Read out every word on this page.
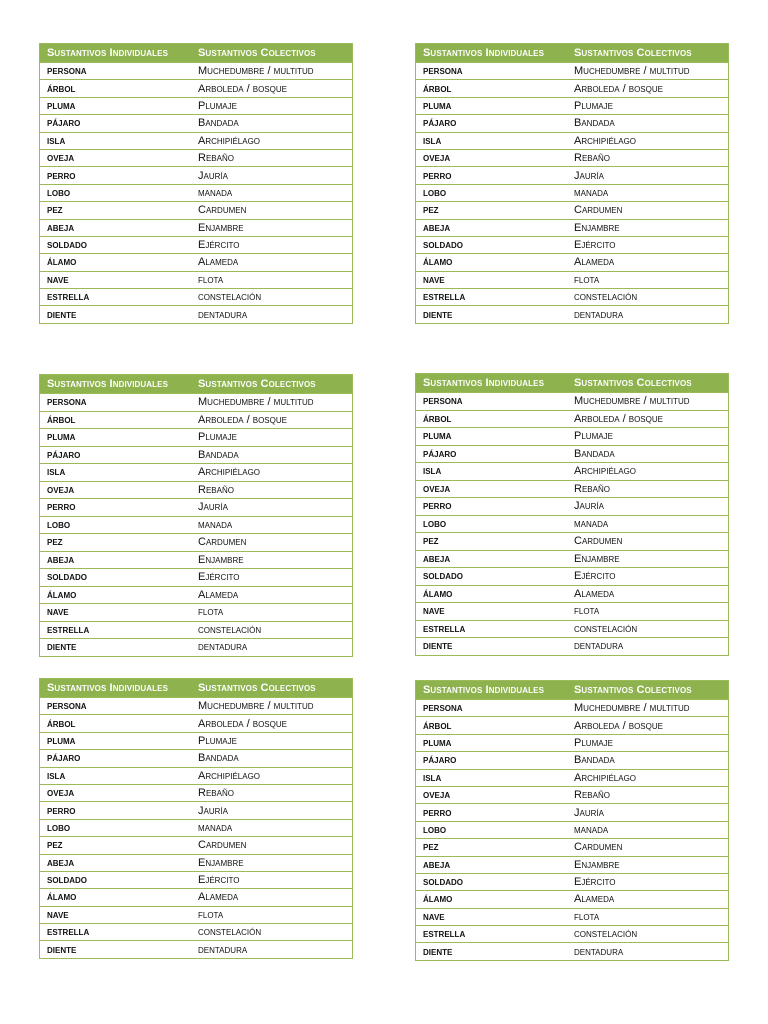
Sustantivos Individuales	Sustantivos Colectivos
persona	Muchedumbre / multitud
árbol	Arboleda / bosque
pluma	Plumaje
pájaro	Bandada
isla	Archipiélago
oveja	Rebaño
perro	Jauría
lobo	manada
pez	Cardumen
abeja	Enjambre
soldado	Ejército
álamo	Alameda
nave	flota
estrella	constelación
diente	dentadura
Sustantivos Individuales	Sustantivos Colectivos
persona	Muchedumbre / multitud
árbol	Arboleda / bosque
pluma	Plumaje
pájaro	Bandada
isla	Archipiélago
oveja	Rebaño
perro	Jauría
lobo	manada
pez	Cardumen
abeja	Enjambre
soldado	Ejército
álamo	Alameda
nave	flota
estrella	constelación
diente	dentadura
Sustantivos Individuales	Sustantivos Colectivos
persona	Muchedumbre / multitud
árbol	Arboleda / bosque
pluma	Plumaje
pájaro	Bandada
isla	Archipiélago
oveja	Rebaño
perro	Jauría
lobo	manada
pez	Cardumen
abeja	Enjambre
soldado	Ejército
álamo	Alameda
nave	flota
estrella	constelación
diente	dentadura
Sustantivos Individuales	Sustantivos Colectivos
persona	Muchedumbre / multitud
árbol	Arboleda / bosque
pluma	Plumaje
pájaro	Bandada
isla	Archipiélago
oveja	Rebaño
perro	Jauría
lobo	manada
pez	Cardumen
abeja	Enjambre
soldado	Ejército
álamo	Alameda
nave	flota
estrella	constelación
diente	dentadura
Sustantivos Individuales	Sustantivos Colectivos
persona	Muchedumbre / multitud
árbol	Arboleda / bosque
pluma	Plumaje
pájaro	Bandada
isla	Archipiélago
oveja	Rebaño
perro	Jauría
lobo	manada
pez	Cardumen
abeja	Enjambre
soldado	Ejército
álamo	Alameda
nave	flota
estrella	constelación
diente	dentadura
Sustantivos Individuales	Sustantivos Colectivos
persona	Muchedumbre / multitud
árbol	Arboleda / bosque
pluma	Plumaje
pájaro	Bandada
isla	Archipiélago
oveja	Rebaño
perro	Jauría
lobo	manada
pez	Cardumen
abeja	Enjambre
soldado	Ejército
álamo	Alameda
nave	flota
estrella	constelación
diente	dentadura
